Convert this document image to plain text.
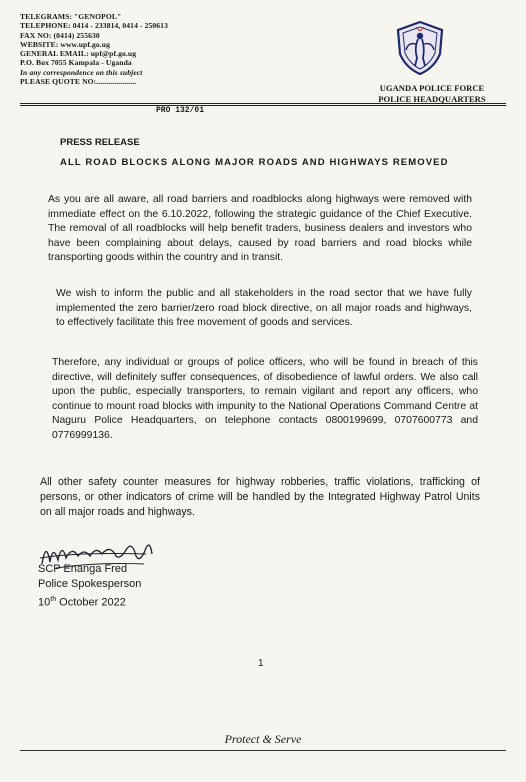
TELEGRAMS: "GENOPOL"
TELEPHONE: 0414 - 233814, 0414 - 250613
FAX NO: (0414) 255630
WEBSITE: www.upf.go.ug
GENERAL EMAIL: upf@pf.go.ug
P.O. Box 7055 Kampala - Uganda
In any correspondence on this subject
PLEASE QUOTE NO:....................
UGANDA POLICE FORCE
POLICE HEADQUARTERS
PRO 132/01
PRESS RELEASE
ALL ROAD BLOCKS ALONG MAJOR ROADS AND HIGHWAYS REMOVED
As you are all aware, all road barriers and roadblocks along highways were removed with immediate effect on the 6.10.2022, following the strategic guidance of the Chief Executive. The removal of all roadblocks will help benefit traders, business dealers and investors who have been complaining about delays, caused by road barriers and road blocks while transporting goods within the country and in transit.
We wish to inform the public and all stakeholders in the road sector that we have fully implemented the zero barrier/zero road block directive, on all major roads and highways, to effectively facilitate this free movement of goods and services.
Therefore, any individual or groups of police officers, who will be found in breach of this directive, will definitely suffer consequences, of disobedience of lawful orders. We also call upon the public, especially transporters, to remain vigilant and report any officers, who continue to mount road blocks with impunity to the National Operations Command Centre at Naguru Police Headquarters, on telephone contacts 0800199699, 0707600773 and 0776999136.
All other safety counter measures for highway robberies, traffic violations, trafficking of persons, or other indicators of crime will be handled by the Integrated Highway Patrol Units on all major roads and highways.
SCP Enanga Fred
Police Spokesperson
10th October 2022
1
Protect & Serve
